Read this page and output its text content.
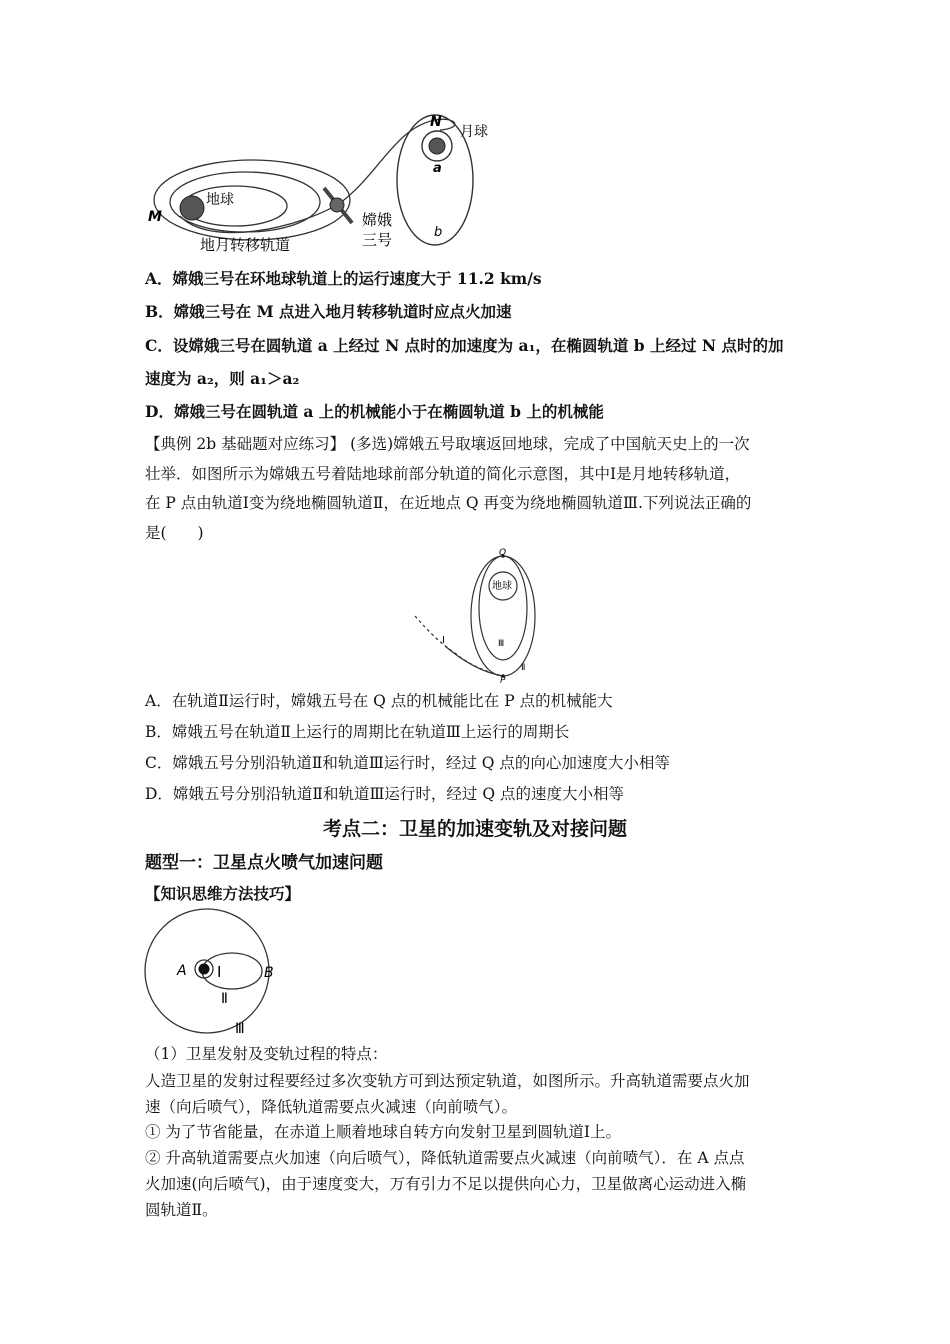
N
月球
a
b
地球
M
地月转移轨道
嫦娥
三号
A．嫦娥三号在环地球轨道上的运行速度大于 11.2 km/s
B．嫦娥三号在 M 点进入地月转移轨道时应点火加速
C．设嫦娥三号在圆轨道 a 上经过 N 点时的加速度为 a₁，在椭圆轨道 b 上经过 N 点时的加
速度为 a₂，则 a₁＞a₂
D．嫦娥三号在圆轨道 a 上的机械能小于在椭圆轨道 b 上的机械能
【典例 2b 基础题对应练习】 (多选)嫦娥五号取壤返回地球，完成了中国航天史上的一次
壮举．如图所示为嫦娥五号着陆地球前部分轨道的简化示意图，其中Ⅰ是月地转移轨道，
在 P 点由轨道Ⅰ变为绕地椭圆轨道Ⅱ，在近地点 Q 再变为绕地椭圆轨道Ⅲ.下列说法正确的
是(　　)
Q
地球
Ⅰ	Ⅲ
Ⅱ
P
A．在轨道Ⅱ运行时，嫦娥五号在 Q 点的机械能比在 P 点的机械能大
B．嫦娥五号在轨道Ⅱ上运行的周期比在轨道Ⅲ上运行的周期长
C．嫦娥五号分别沿轨道Ⅱ和轨道Ⅲ运行时，经过 Q 点的向心加速度大小相等
D．嫦娥五号分别沿轨道Ⅱ和轨道Ⅲ运行时，经过 Q 点的速度大小相等
考点二：卫星的加速变轨及对接问题
题型一：卫星点火喷气加速问题
【知识思维方法技巧】
A Ⅰ	B
Ⅱ
Ⅲ
（1）卫星发射及变轨过程的特点：
人造卫星的发射过程要经过多次变轨方可到达预定轨道，如图所示。升高轨道需要点火加
速（向后喷气），降低轨道需要点火减速（向前喷气）。
① 为了节省能量，在赤道上顺着地球自转方向发射卫星到圆轨道Ⅰ上。
② 升高轨道需要点火加速（向后喷气），降低轨道需要点火减速（向前喷气）．在 A 点点
火加速(向后喷气)，由于速度变大，万有引力不足以提供向心力，卫星做离心运动进入椭
圆轨道Ⅱ。
